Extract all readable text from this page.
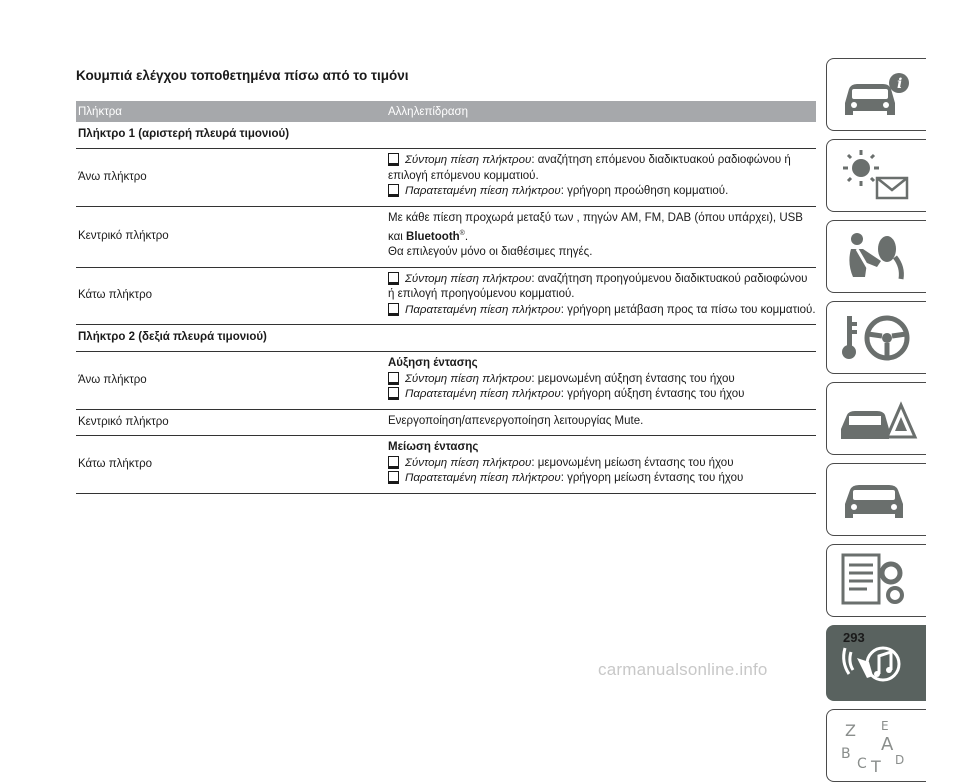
Κουμπιά ελέγχου τοποθετημένα πίσω από το τιμόνι
Πλήκτρα	Αλληλεπίδραση
Πλήκτρο 1 (αριστερή πλευρά τιμονιού)
Άνω πλήκτρο
Σύντομη πίεση πλήκτρου: αναζήτηση επόμενου διαδικτυακού ραδιοφώνου ή επιλογή επόμενου κομματιού.
Παρατεταμένη πίεση πλήκτρου: γρήγορη προώθηση κομματιού.
Κεντρικό πλήκτρο
Με κάθε πίεση προχωρά μεταξύ των , πηγών AM, FM, DAB (όπου υπάρχει), USB και Bluetooth®.
Θα επιλεγούν μόνο οι διαθέσιμες πηγές.
Κάτω πλήκτρο
Σύντομη πίεση πλήκτρου: αναζήτηση προηγούμενου διαδικτυακού ραδιοφώνου ή επιλογή προηγούμενου κομματιού.
Παρατεταμένη πίεση πλήκτρου: γρήγορη μετάβαση προς τα πίσω του κομματιού.
Πλήκτρο 2 (δεξιά πλευρά τιμονιού)
Άνω πλήκτρο
Αύξηση έντασης
Σύντομη πίεση πλήκτρου: μεμονωμένη αύξηση έντασης του ήχου
Παρατεταμένη πίεση πλήκτρου: γρήγορη αύξηση έντασης του ήχου
Κεντρικό πλήκτρο	Ενεργοποίηση/απενεργοποίηση λειτουργίας Mute.
Κάτω πλήκτρο
Μείωση έντασης
Σύντομη πίεση πλήκτρου: μεμονωμένη μείωση έντασης του ήχου
Παρατεταμένη πίεση πλήκτρου: γρήγορη μείωση έντασης του ήχου
i
Z E
A
B
C T D
293
carmanualsonline.info
